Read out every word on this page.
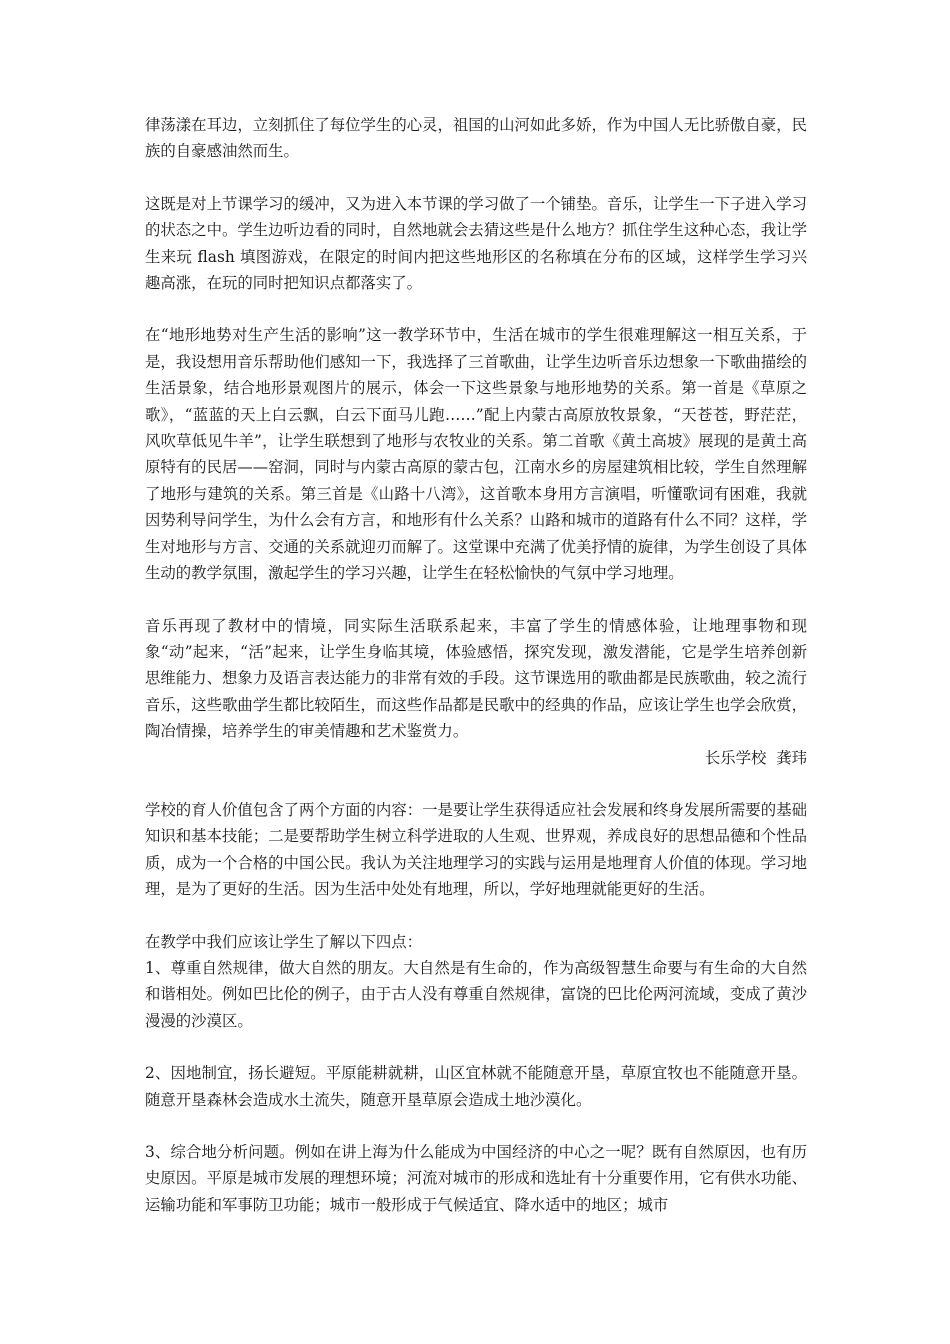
律荡漾在耳边，立刻抓住了每位学生的心灵，祖国的山河如此多娇，作为中国人无比骄傲自豪，民族的自豪感油然而生。

这既是对上节课学习的缓冲，又为进入本节课的学习做了一个铺垫。音乐，让学生一下子进入学习的状态之中。学生边听边看的同时，自然地就会去猜这些是什么地方？抓住学生这种心态，我让学生来玩 flash 填图游戏，在限定的时间内把这些地形区的名称填在分布的区域，这样学生学习兴趣高涨，在玩的同时把知识点都落实了。

在“地形地势对生产生活的影响”这一教学环节中，生活在城市的学生很难理解这一相互关系，于是，我设想用音乐帮助他们感知一下，我选择了三首歌曲，让学生边听音乐边想象一下歌曲描绘的生活景象，结合地形景观图片的展示，体会一下这些景象与地形地势的关系。第一首是《草原之歌》，“蓝蓝的天上白云飘，白云下面马儿跑……”配上内蒙古高原放牧景象，“天苍苍，野茫茫，风吹草低见牛羊”，让学生联想到了地形与农牧业的关系。第二首歌《黄土高坡》展现的是黄土高原特有的民居——窑洞，同时与内蒙古高原的蒙古包，江南水乡的房屋建筑相比较，学生自然理解了地形与建筑的关系。第三首是《山路十八湾》，这首歌本身用方言演唱，听懂歌词有困难，我就因势利导问学生，为什么会有方言，和地形有什么关系？山路和城市的道路有什么不同？这样，学生对地形与方言、交通的关系就迎刃而解了。这堂课中充满了优美抒情的旋律，为学生创设了具体生动的教学氛围，激起学生的学习兴趣，让学生在轻松愉快的气氛中学习地理。

音乐再现了教材中的情境，同实际生活联系起来，丰富了学生的情感体验，让地理事物和现象“动”起来，“活”起来，让学生身临其境，体验感悟，探究发现，激发潜能，它是学生培养创新思维能力、想象力及语言表达能力的非常有效的手段。这节课选用的歌曲都是民族歌曲，较之流行音乐，这些歌曲学生都比较陌生，而这些作品都是民歌中的经典的作品，应该让学生也学会欣赏，陶冶情操，培养学生的审美情趣和艺术鉴赏力。

长乐学校  龚玮

学校的育人价值包含了两个方面的内容：一是要让学生获得适应社会发展和终身发展所需要的基础知识和基本技能；二是要帮助学生树立科学进取的人生观、世界观，养成良好的思想品德和个性品质，成为一个合格的中国公民。我认为关注地理学习的实践与运用是地理育人价值的体现。学习地理，是为了更好的生活。因为生活中处处有地理，所以，学好地理就能更好的生活。

在教学中我们应该让学生了解以下四点：

1、尊重自然规律，做大自然的朋友。大自然是有生命的，作为高级智慧生命要与有生命的大自然和谐相处。例如巴比伦的例子，由于古人没有尊重自然规律，富饶的巴比伦两河流域，变成了黄沙漫漫的沙漠区。

2、因地制宜，扬长避短。平原能耕就耕，山区宜林就不能随意开垦，草原宜牧也不能随意开垦。随意开垦森林会造成水土流失，随意开垦草原会造成土地沙漠化。

3、综合地分析问题。例如在讲上海为什么能成为中国经济的中心之一呢？既有自然原因，也有历史原因。平原是城市发展的理想环境；河流对城市的形成和选址有十分重要作用，它有供水功能、运输功能和军事防卫功能；城市一般形成于气候适宜、降水适中的地区；城市
